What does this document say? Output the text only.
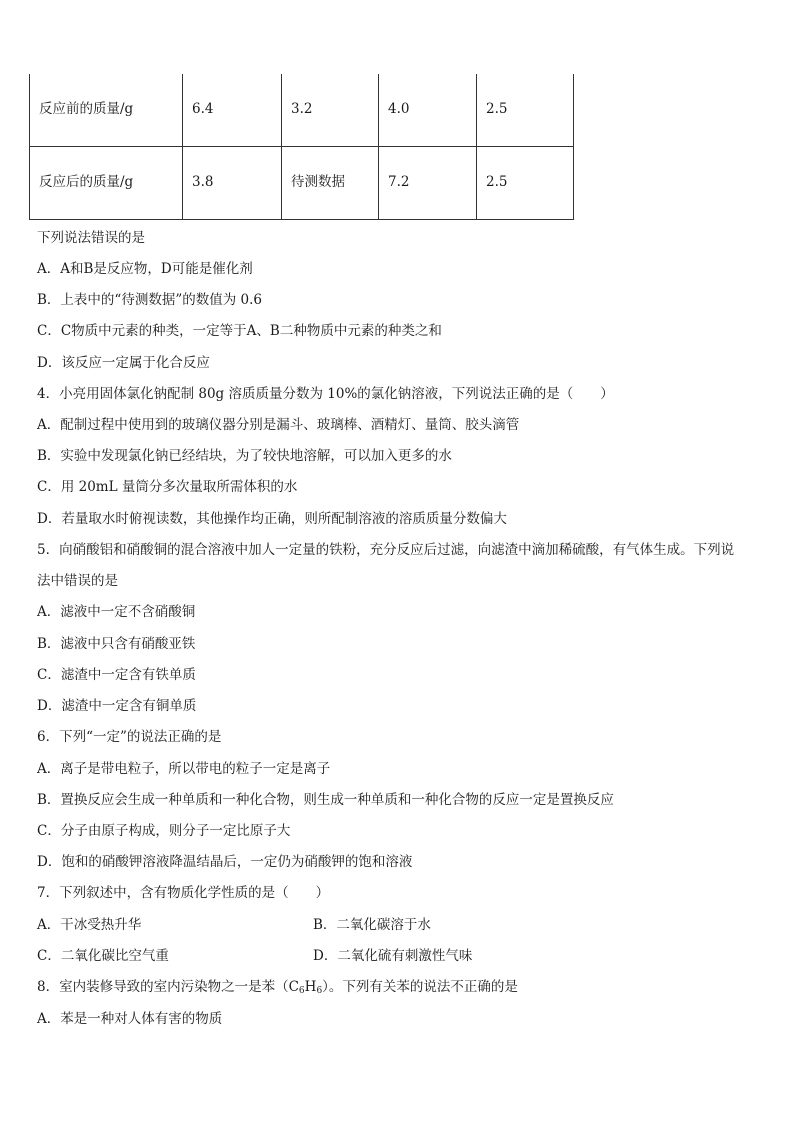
反应前的质量/g	6.4	3.2	4.0	2.5
反应后的质量/g	3.8	待测数据	7.2	2.5
下列说法错误的是
A．A和B是反应物，D可能是催化剂
B．上表中的“待测数据”的数值为 0.6
C．C物质中元素的种类，一定等于A、B二种物质中元素的种类之和
D．该反应一定属于化合反应
4．小亮用固体氯化钠配制 80g 溶质质量分数为 10%的氯化钠溶液，下列说法正确的是（　　）
A．配制过程中使用到的玻璃仪器分别是漏斗、玻璃棒、酒精灯、量筒、胶头滴管
B．实验中发现氯化钠已经结块，为了较快地溶解，可以加入更多的水
C．用 20mL 量筒分多次量取所需体积的水
D．若量取水时俯视读数，其他操作均正确，则所配制溶液的溶质质量分数偏大
5．向硝酸铝和硝酸铜的混合溶液中加人一定量的铁粉，充分反应后过滤，向滤渣中滴加稀硫酸，有气体生成。下列说
法中错误的是
A．滤液中一定不含硝酸铜
B．滤液中只含有硝酸亚铁
C．滤渣中一定含有铁单质
D．滤渣中一定含有铜单质
6．下列“一定”的说法正确的是
A．离子是带电粒子，所以带电的粒子一定是离子
B．置换反应会生成一种单质和一种化合物，则生成一种单质和一种化合物的反应一定是置换反应
C．分子由原子构成，则分子一定比原子大
D．饱和的硝酸钾溶液降温结晶后，一定仍为硝酸钾的饱和溶液
7．下列叙述中，含有物质化学性质的是（　　）
A．干冰受热升华	B．二氧化碳溶于水
C．二氧化碳比空气重	D．二氧化硫有刺激性气味
8．室内装修导致的室内污染物之一是苯$(C_6H_6)$。下列有关苯的说法不正确的是
A．苯是一种对人体有害的物质
